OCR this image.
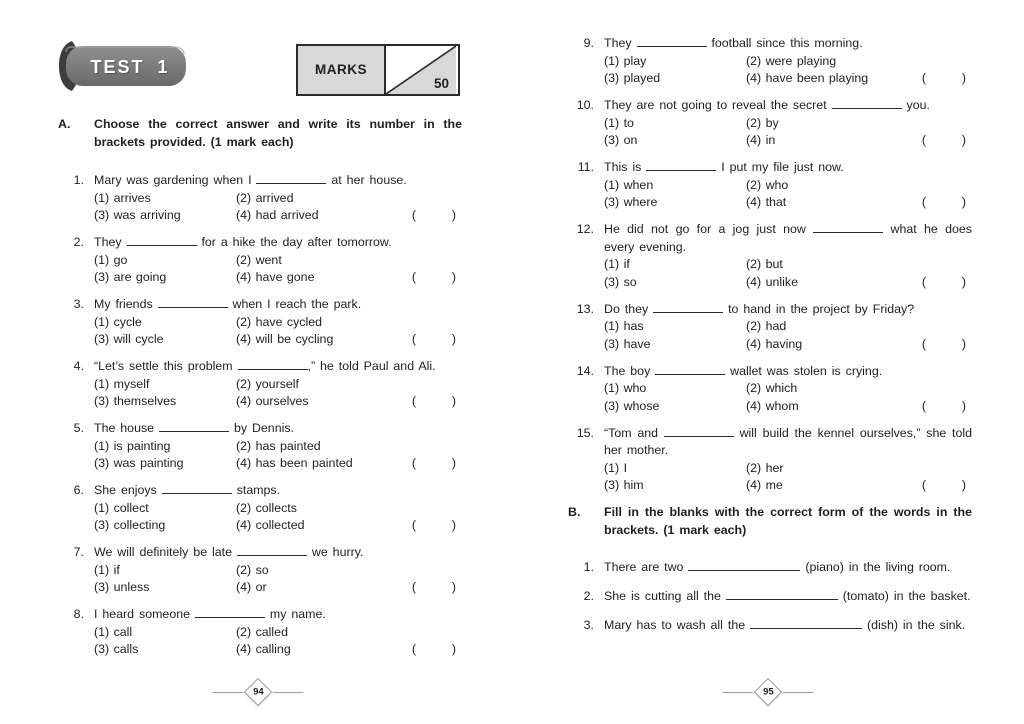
TEST 1	MARKS
50
A. Choose the correct answer and write its number in the brackets provided. (1 mark each)
1. Mary was gardening when I	at her house.
(1) arrives	(2) arrived
(3) was arriving	(4) had arrived	(	)
2. They	for a hike the day after tomorrow.
(1) go	(2) went
(3) are going	(4) have gone	(	)
3. My friends	when I reach the park.
(1) cycle	(2) have cycled
(3) will cycle	(4) will be cycling	(	)
4. “Let’s settle this problem	,” he told Paul and Ali.
(1) myself	(2) yourself
(3) themselves	(4) ourselves	(	)
5. The house	by Dennis.
(1) is painting	(2) has painted
(3) was painting	(4) has been painted	(	)
6. She enjoys	stamps.
(1) collect	(2) collects
(3) collecting	(4) collected	(	)
7. We will definitely be late	we hurry.
(1) if	(2) so
(3) unless	(4) or	(	)
8. I heard someone	my name.
(1) call	(2) called
(3) calls	(4) calling	(	)
94
9. They	football since this morning.
(1) play	(2) were playing
(3) played	(4) have been playing	(	)
10. They are not going to reveal the secret	you.
(1) to	(2) by
(3) on	(4) in	(	)
11. This is	I put my file just now.
(1) when	(2) who
(3) where	(4) that	(	)
12. He did not go for a jog just now	what he does every evening.
(1) if	(2) but
(3) so	(4) unlike	(	)
13. Do they	to hand in the project by Friday?
(1) has	(2) had
(3) have	(4) having	(	)
14. The boy	wallet was stolen is crying.
(1) who	(2) which
(3) whose	(4) whom	(	)
15. “Tom and	will build the kennel ourselves,” she told her mother.
(1) I	(2) her
(3) him	(4) me	(	)
B. Fill in the blanks with the correct form of the words in the brackets. (1 mark each)
1. There are two	(piano) in the living room.
2. She is cutting all the	(tomato) in the basket.
3. Mary has to wash all the	(dish) in the sink.
95
